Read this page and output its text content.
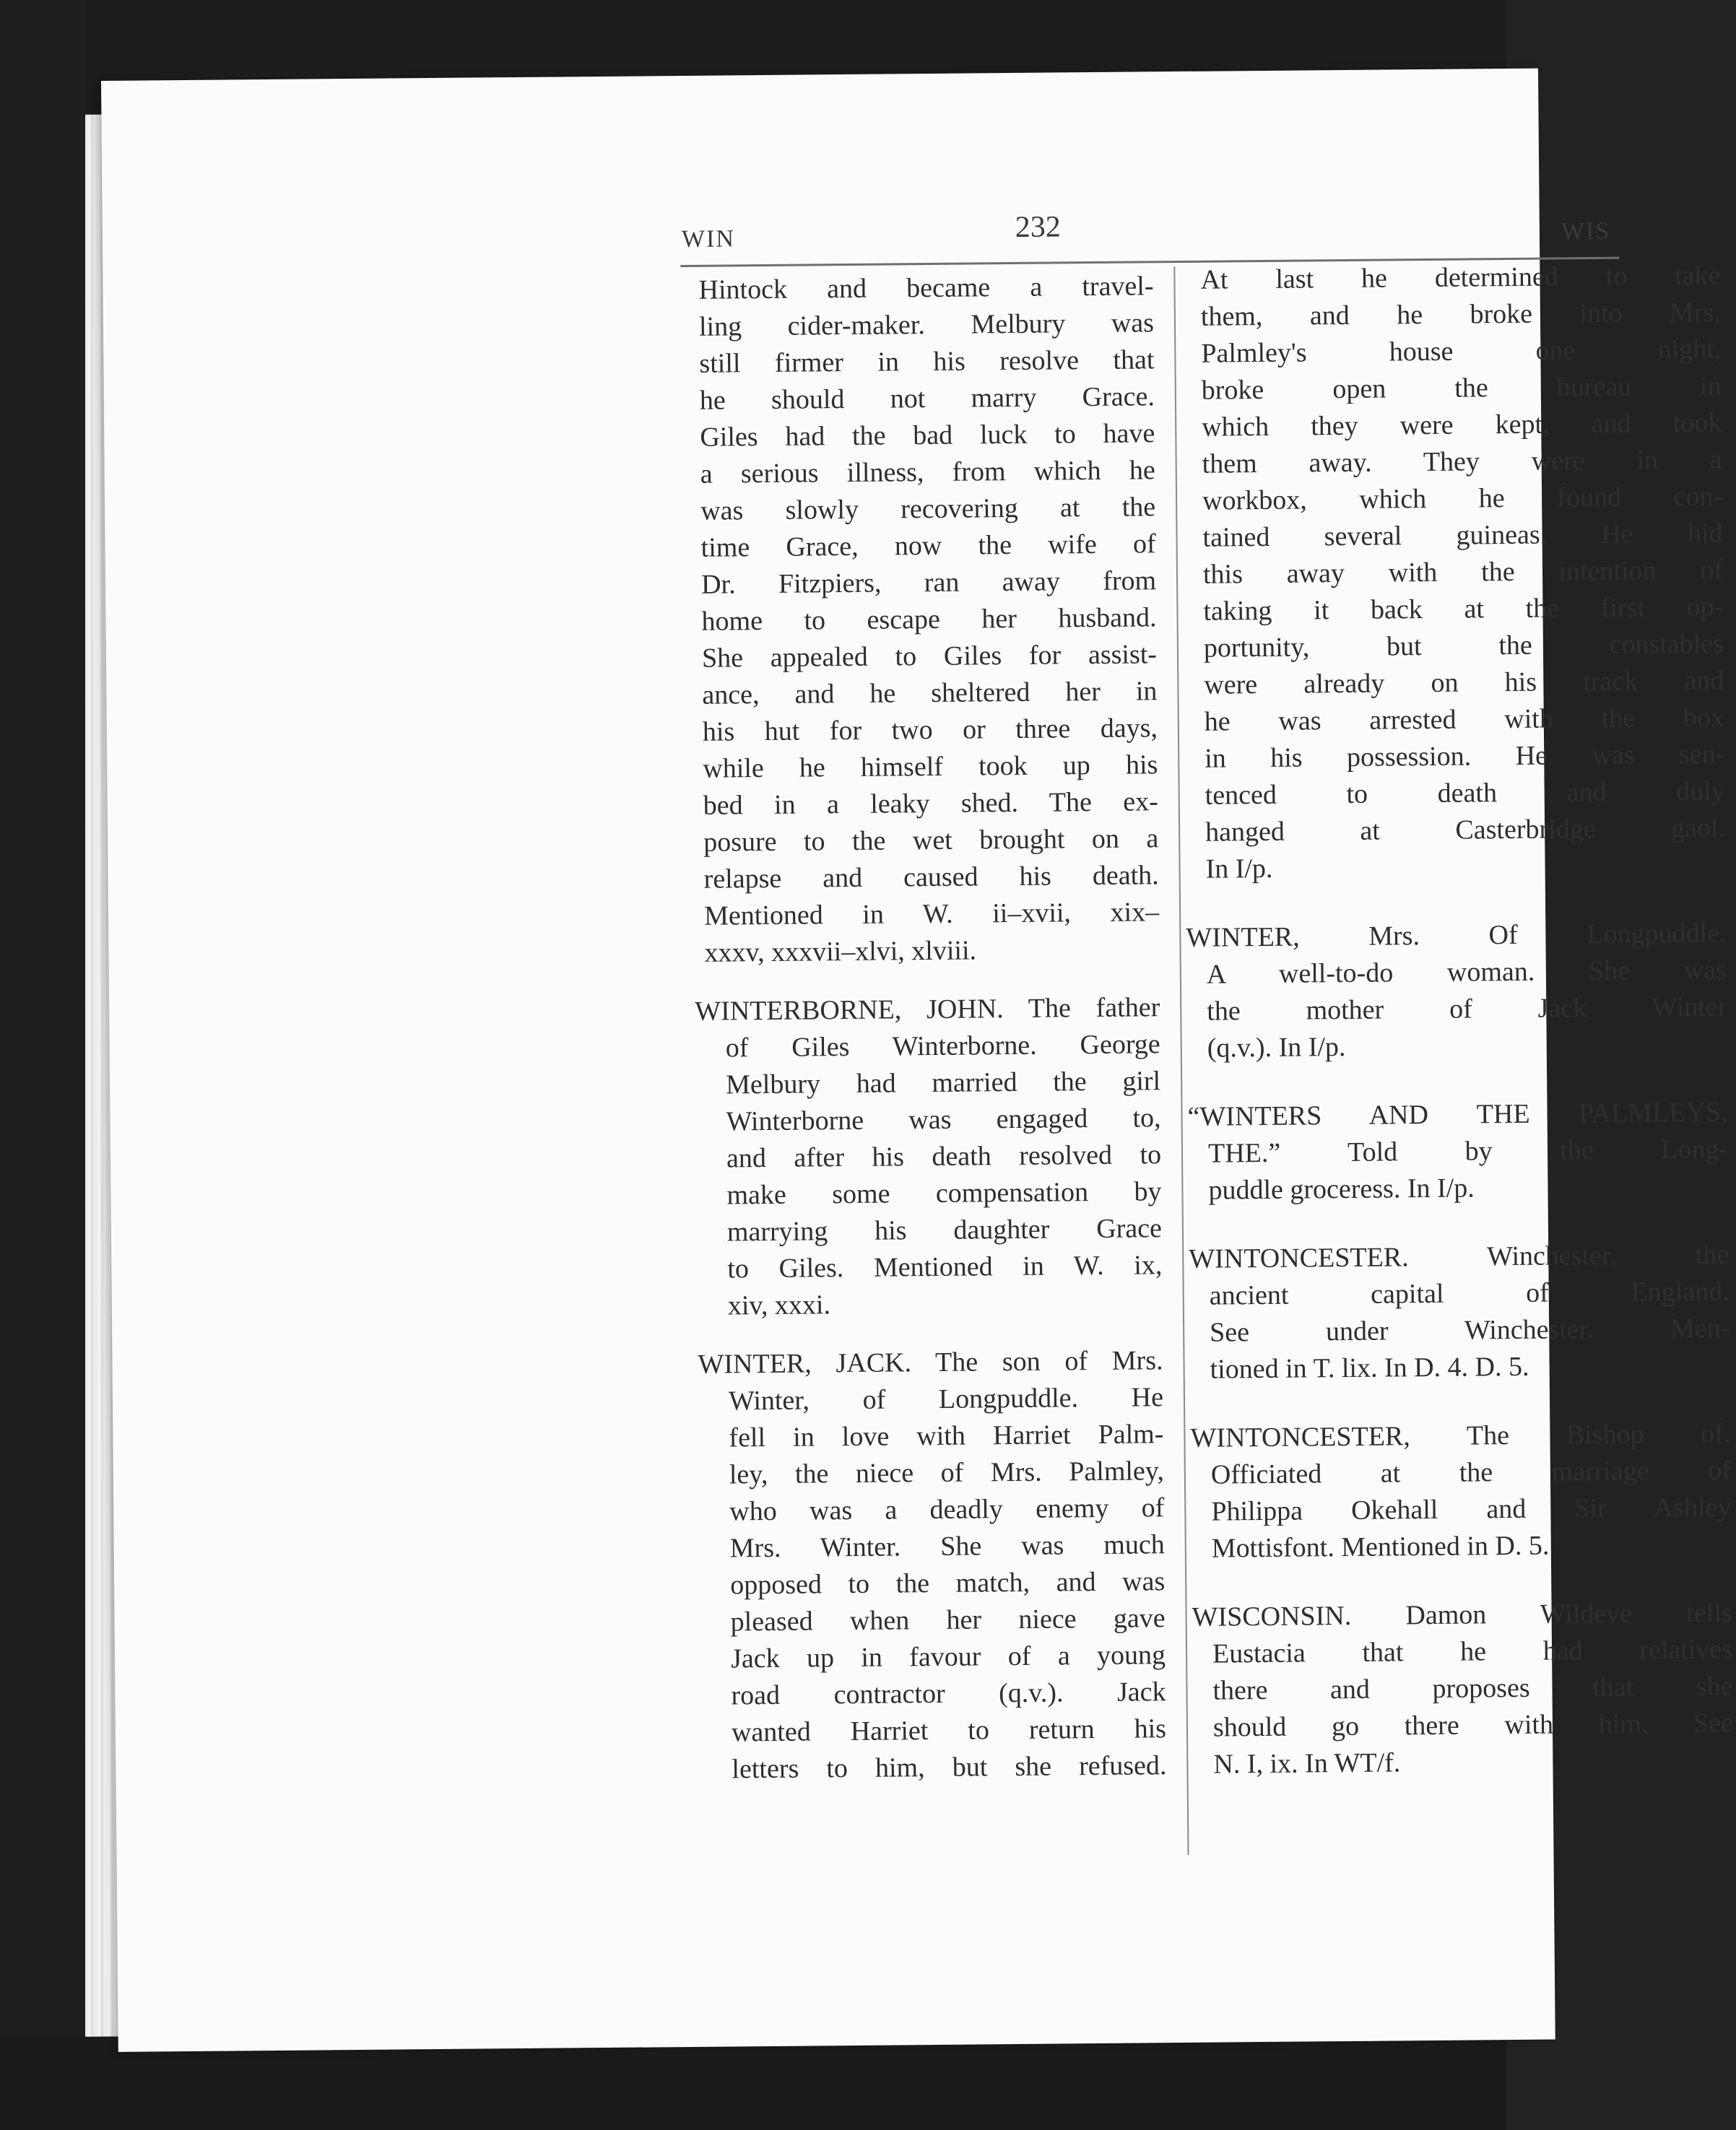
WIN	232	WIS
Hintock and became a travel-
ling cider-maker. Melbury was
still firmer in his resolve that
he should not marry Grace.
Giles had the bad luck to have
a serious illness, from which he
was slowly recovering at the
time Grace, now the wife of
Dr. Fitzpiers, ran away from
home to escape her husband.
She appealed to Giles for assist-
ance, and he sheltered her in
his hut for two or three days,
while he himself took up his
bed in a leaky shed. The ex-
posure to the wet brought on a
relapse and caused his death.
Mentioned in W. ii–xvii, xix–
xxxv, xxxvii–xlvi, xlviii.
WINTERBORNE, JOHN. The father
of Giles Winterborne. George
Melbury had married the girl
Winterborne was engaged to,
and after his death resolved to
make some compensation by
marrying his daughter Grace
to Giles. Mentioned in W. ix,
xiv, xxxi.
WINTER, JACK. The son of Mrs.
Winter, of Longpuddle. He
fell in love with Harriet Palm-
ley, the niece of Mrs. Palmley,
who was a deadly enemy of
Mrs. Winter. She was much
opposed to the match, and was
pleased when her niece gave
Jack up in favour of a young
road contractor (q.v.). Jack
wanted Harriet to return his
letters to him, but she refused.
At last he determined to take
them, and he broke into Mrs.
Palmley's house one night,
broke open the bureau in
which they were kept, and took
them away. They were in a
workbox, which he found con-
tained several guineas. He hid
this away with the intention of
taking it back at the first op-
portunity, but the constables
were already on his track and
he was arrested with the box
in his possession. He was sen-
tenced to death and duly
hanged at Casterbridge gaol.
In I/p.
WINTER, Mrs. Of Longpuddle.
A well-to-do woman. She was
the mother of Jack Winter
(q.v.). In I/p.
“WINTERS AND THE PALMLEYS,
THE.” Told by the Long-
puddle groceress. In I/p.
WINTONCESTER. Winchester, the
ancient capital of England.
See under Winchester. Men-
tioned in T. lix. In D. 4. D. 5.
WINTONCESTER, The Bishop of.
Officiated at the marriage of
Philippa Okehall and Sir Ashley
Mottisfont. Mentioned in D. 5.
WISCONSIN. Damon Wildeve tells
Eustacia that he had relatives
there and proposes that she
should go there with him. See
N. I, ix. In WT/f.
